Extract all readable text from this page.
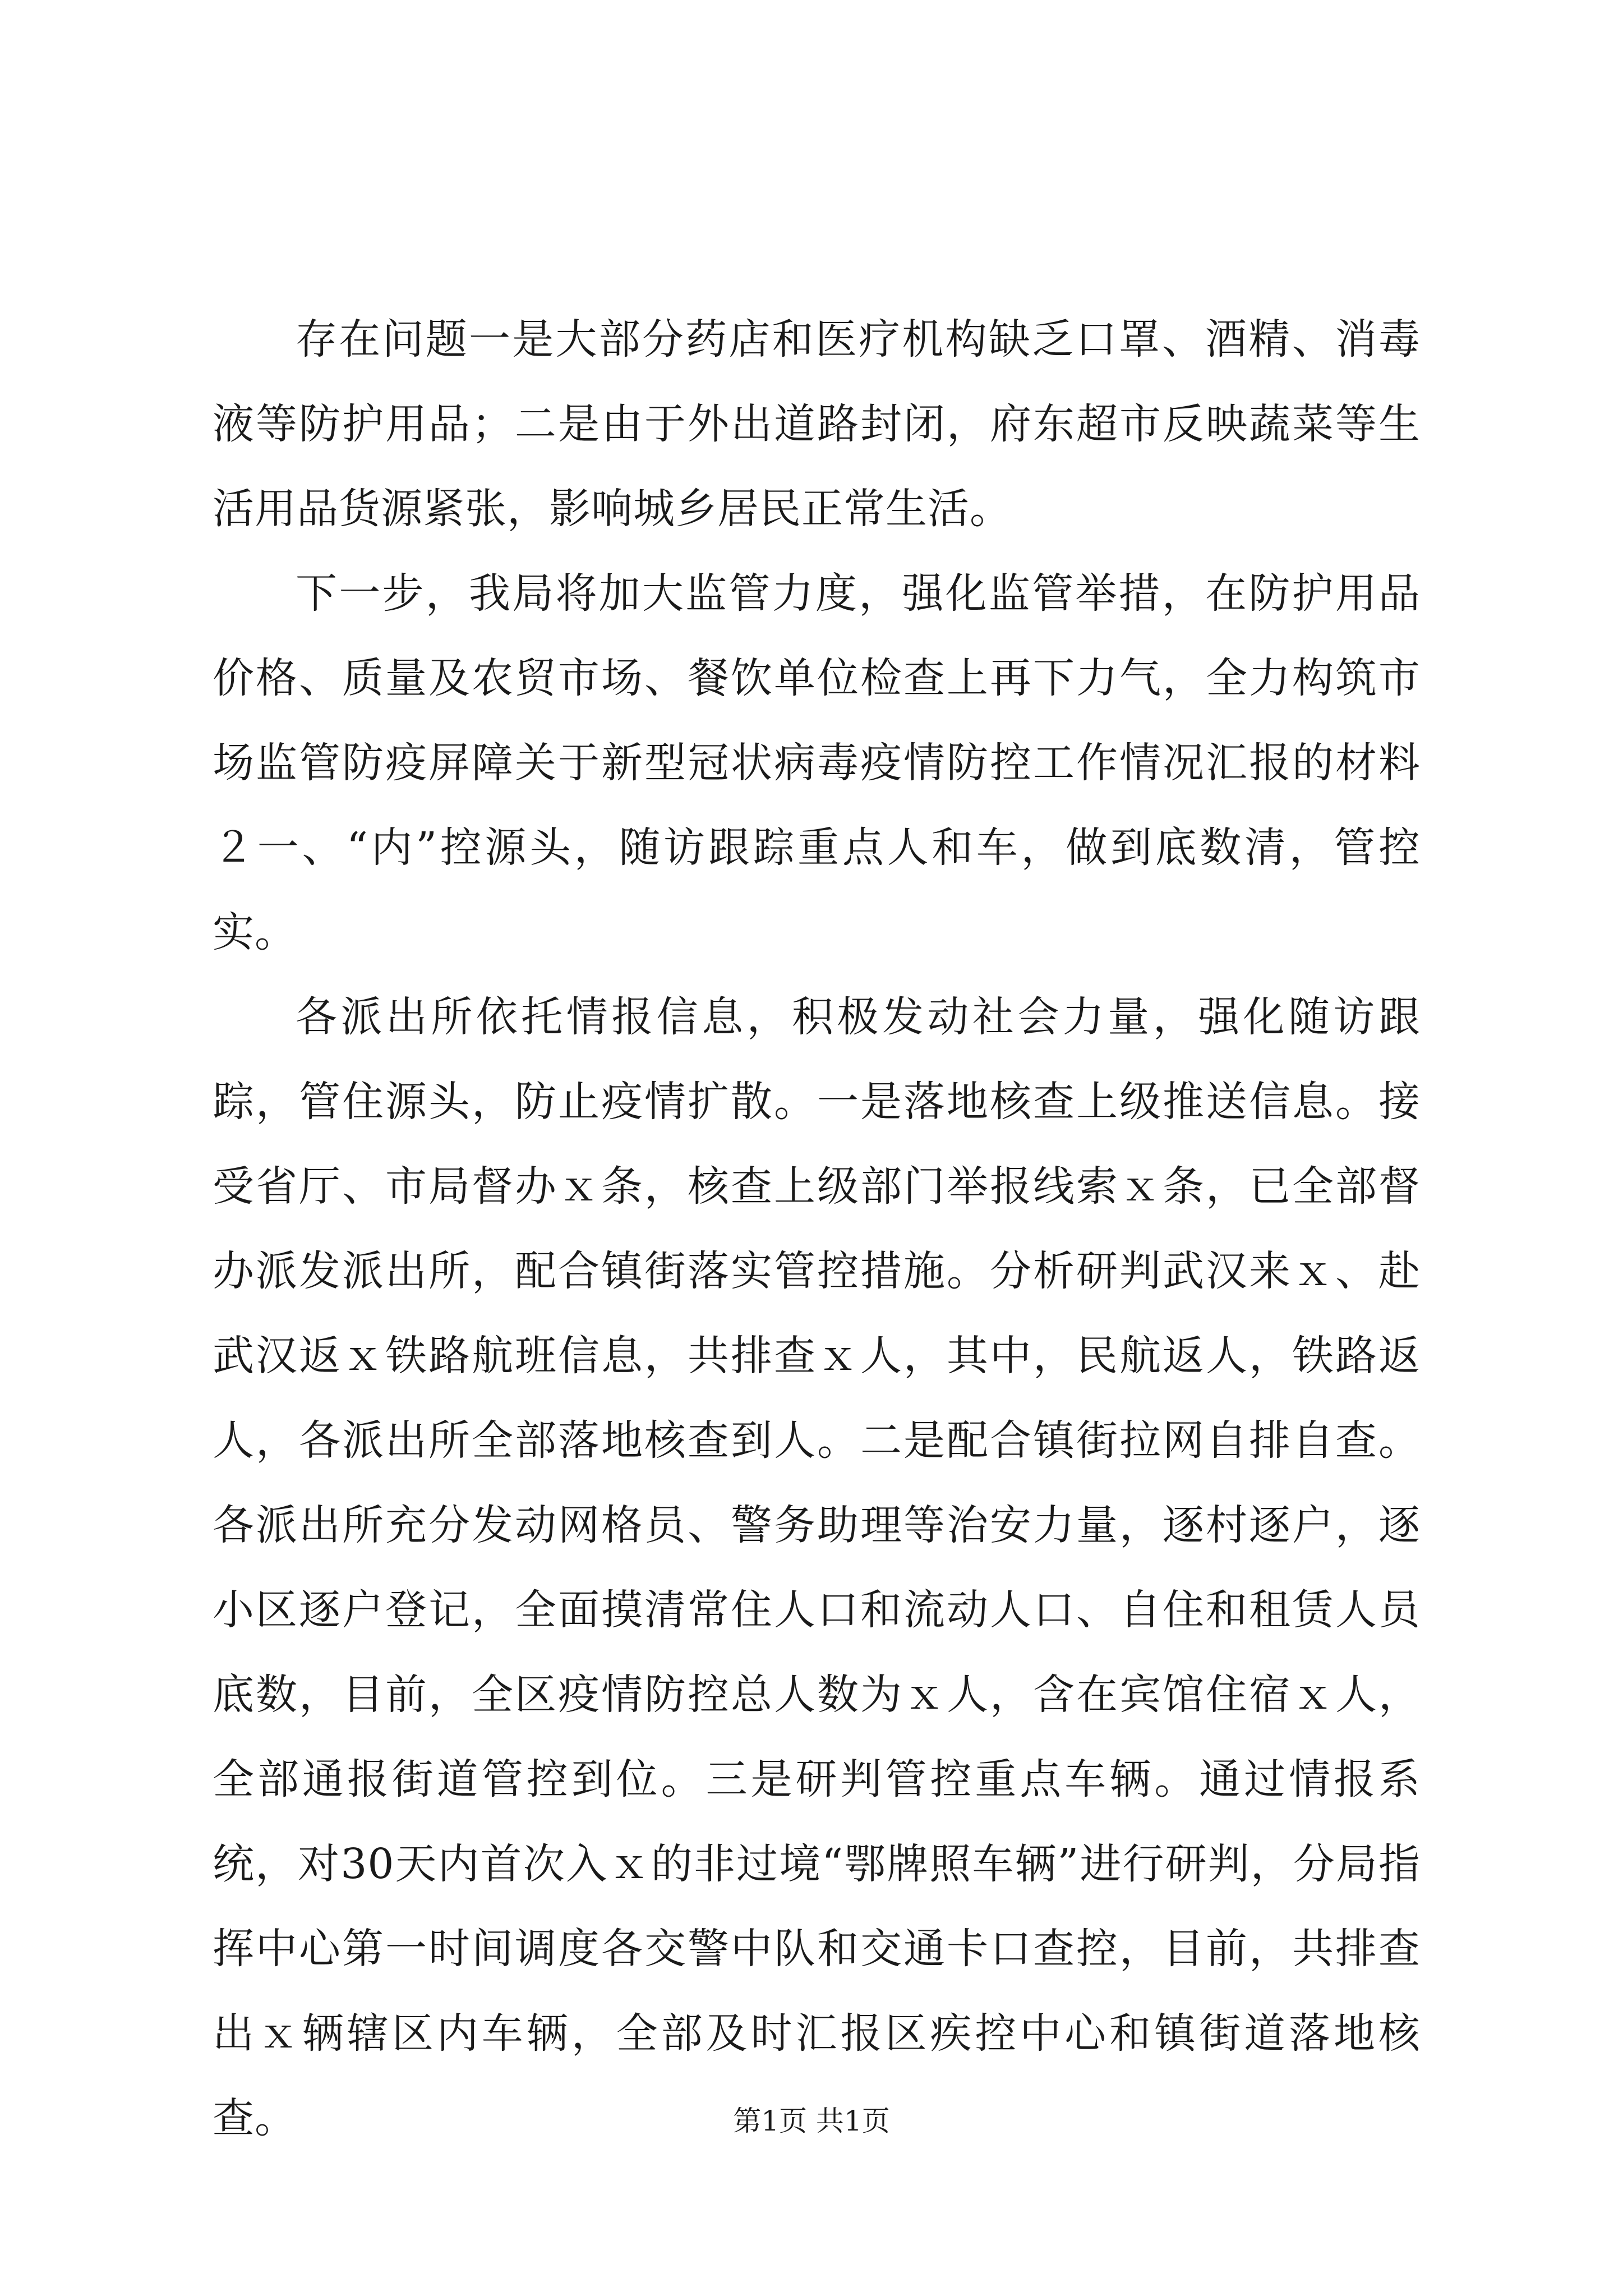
存在问题一是大部分药店和医疗机构缺乏口罩、酒精、消毒液等防护用品；二是由于外出道路封闭，府东超市反映蔬菜等生活用品货源紧张，影响城乡居民正常生活。

下一步，我局将加大监管力度，强化监管举措，在防护用品价格、质量及农贸市场、餐饮单位检查上再下力气，全力构筑市场监管防疫屏障关于新型冠状病毒疫情防控工作情况汇报的材料２一、“内”控源头，随访跟踪重点人和车，做到底数清，管控实。

各派出所依托情报信息，积极发动社会力量，强化随访跟踪，管住源头，防止疫情扩散。一是落地核查上级推送信息。接受省厅、市局督办ｘ条，核查上级部门举报线索ｘ条，已全部督办派发派出所，配合镇街落实管控措施。分析研判武汉来ｘ、赴武汉返ｘ铁路航班信息，共排查ｘ人，其中，民航返人，铁路返人，各派出所全部落地核查到人。二是配合镇街拉网自排自查。各派出所充分发动网格员、警务助理等治安力量，逐村逐户，逐小区逐户登记，全面摸清常住人口和流动人口、自住和租赁人员底数，目前，全区疫情防控总人数为ｘ人，含在宾馆住宿ｘ人，全部通报街道管控到位。三是研判管控重点车辆。通过情报系统，对30天内首次入ｘ的非过境“鄂牌照车辆”进行研判，分局指挥中心第一时间调度各交警中队和交通卡口查控，目前，共排查出ｘ辆辖区内车辆，全部及时汇报区疾控中心和镇街道落地核查。	第1页 共1页
